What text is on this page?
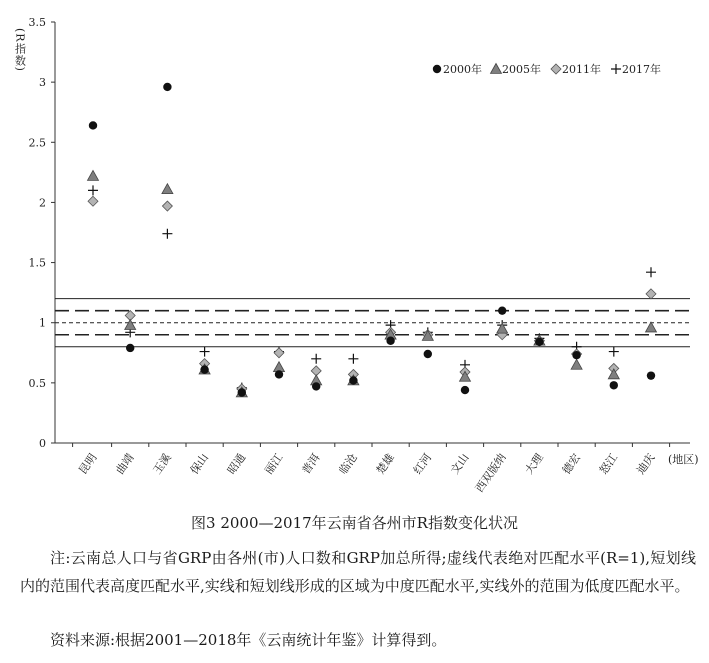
0
0.5
1
1.5
2
2.5
3
3.5
(R指数)
昆明 曲靖 玉溪 保山 昭通 丽江 普洱 临沧 楚雄 红河 文山 西双版纳 大理 德宏 怒江 迪庆 (地区)
2000年 2005年 2011年 2017年
图3 2000—2017年云南省各州市R指数变化状况
注:云南总人口与省GRP由各州(市)人口数和GRP加总所得;虚线代表绝对匹配水平(R=1),短划线内的范围代表高度匹配水平,实线和短划线形成的区域为中度匹配水平,实线外的范围为低度匹配水平。
资料来源:根据2001—2018年《云南统计年鉴》计算得到。
